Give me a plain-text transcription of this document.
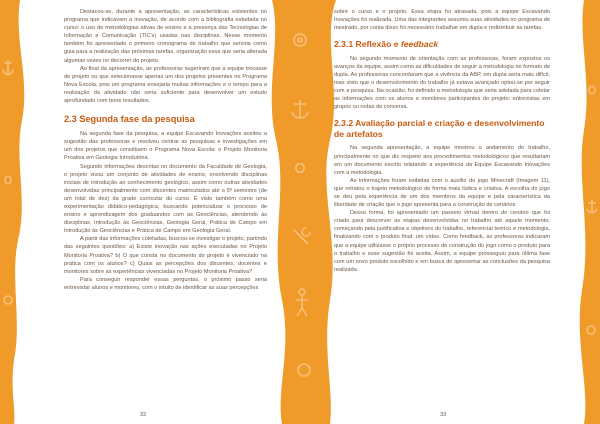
Destacou-se, durante a apresentação, as características existentes no programa que indicavam a inovação, de acordo com a bibliografia estudada no curso: o uso de metodologias ativas de ensino e a presença das Tecnologias de Informação e Comunicação (TIC's) usadas nas disciplinas. Nesse momento também foi apresentado o primeiro cronograma de trabalho que serviria como guia para a realização das próximas tarefas, organização essa que seria alterada algumas vezes no decorrer do projeto.

Ao final da apresentação, as professoras sugeriram que a equipe trocasse de projeto ou que selecionasse apenas um dos projetos presentes no Programa Nova Escola, pois um programa ensejaria muitas informações e o tempo para a realização da atividade não seria suficiente para desenvolver um estudo aprofundado com bons resultados.

2.3 Segunda fase da pesquisa

Na segunda fase da pesquisa, a equipe Escavando Inovações aceitou a sugestão das professoras e resolveu centrar as pesquisas e investigações em um dos projetos que constituem o Programa Nova Escola: o Projeto Monitoria Proativa em Geologia Introdutória.

Segundo informações descritas no documento da Faculdade de Geologia, o projeto visou um conjunto de atividades de ensino, envolvendo disciplinas iniciais de introdução ao conhecimento geológico, assim como outras atividades desenvolvidas principalmente com discentes matriculados até o 5º semestre (de um total de dez) da grade curricular do curso. É visto também como uma experimentação didático-pedagógica, buscando potencializar o processo de ensino e aprendizagem dos graduandos com as Geociências, atendendo às disciplinas: Introdução às Geociências, Geologia Geral, Prática de Campo em Introdução às Geociências e Prática de Campo em Geologia Geral.

A partir das informações coletadas, buscou-se investigar o projeto, partindo das seguintes questões: a) Existe inovação nas ações executadas no Projeto Monitoria Proativa? b) O que consta no documento do projeto é vivenciado na prática com os alunos? c) Quais as percepções dos discentes, docentes e monitores sobre as experiências vivenciadas no Projeto Monitoria Proativa?

Para conseguir responder essas perguntas, o próximo passo seria entrevistar alunos e monitores, com o intuito de identificar as suas percepções

32

sobre o curso e o projeto. Essa etapa foi atrasada, pois a equipe Escavando Inovações foi realizada. Uma das integrantes assumiu suas atividades no programa de mestrado, por conta disso foi necessário trabalhar em dupla e redistribuir as tarefas.

2.3.1 Reflexão e feedback

No segundo momento de orientação com as professoras, foram expostos os avanços da equipe, assim como as dificuldades de seguir a metodologia no formato de dupla. As professoras concordaram que a vivência da ABP, em dupla seria mais difícil, mas visto que o desenvolvimento do trabalho já estava avançado optou-se por seguir com a pesquisa. Na ocasião, foi definido a metodologia que seria adotada para coletar as informações com os alunos e monitores participantes do projeto: entrevistas em grupos ou rodas de conversa.

2.3.2 Avaliação parcial e criação e desenvolvimento de artefatos

Na segunda apresentação, a equipe mostrou o andamento do trabalho, principalmente no que diz respeito aos procedimentos metodológicos que resultariam em um documento escrito relatando a experiência da Equipe Escavando Inovações com a metodologia.

As informações foram exibidas com o auxílio do jogo Minecraft (Imagem 11), que retratou o trajeto metodológico de forma mais lúdica e criativa. A escolha do jogo se deu pela experiência de um dos membros da equipe e pela característica da liberdade de criação que o jogo apresenta para a construção de cenários.

Dessa forma, foi apresentado um passeio virtual dentro do cenário que foi criado para descrever as etapas desenvolvidas no trabalho até aquele momento, começando pela justificativa e objetivos do trabalho, referencial teórico e metodologia, finalizando com o produto final: um vídeo. Como feedback, as professoras indicaram que a equipe utilizasse o próprio processo de construção do jogo como o produto para o trabalho e esse sugestão foi aceita. Assim, a equipe prosseguiu para última fase com um novo produto escolhido e em busca de apresentar as conclusões da pesquisa realizada.

33
